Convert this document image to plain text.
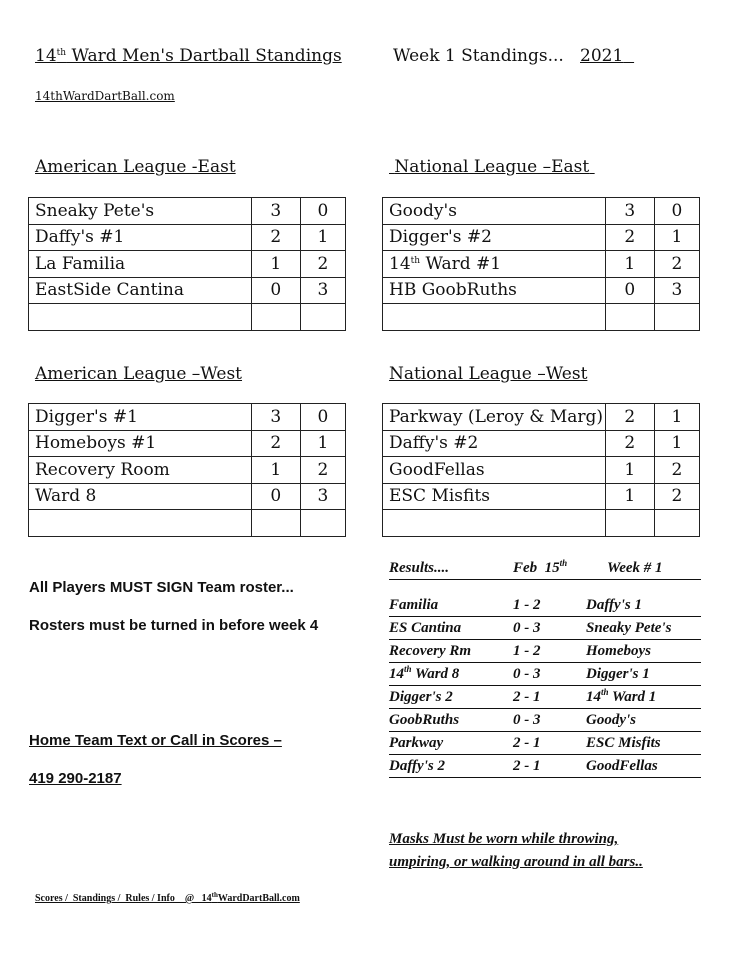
14th Ward Men's Dartball Standings	Week 1 Standings... 2021
14thWardDartBall.com
American League -East	National League –East
American League –West	National League –West
Sneaky Pete's	3	0
Daffy's #1	2	1
La Familia	1	2
EastSide Cantina	0	3

Goody's	3	0
Digger's #2	2	1
14th Ward #1	1	2
HB GoobRuths	0	3

Digger's #1	3	0
Homeboys #1	2	1
Recovery Room	1	2
Ward 8	0	3

Parkway (Leroy & Marg)	2	1
Daffy's #2	2	1
GoodFellas	1	2
ESC Misfits	1	2

All Players MUST SIGN Team roster...
Rosters must be turned in before week 4
Home Team Text or Call in Scores –
419 290-2187
Results....	Feb  15th	Week # 1
Familia	1 - 2	Daffy's 1
ES Cantina	0 - 3	Sneaky Pete's
Recovery Rm	1 - 2	Homeboys
14th Ward 8	0 - 3	Digger's 1
Digger's 2	2 - 1	14th Ward 1
GoobRuths	0 - 3	Goody's
Parkway	2 - 1	ESC Misfits
Daffy's 2	2 - 1	GoodFellas
Masks Must be worn while throwing,
umpiring, or walking around in all bars..
Scores /  Standings /  Rules / Info    @   14thWardDartBall.com
